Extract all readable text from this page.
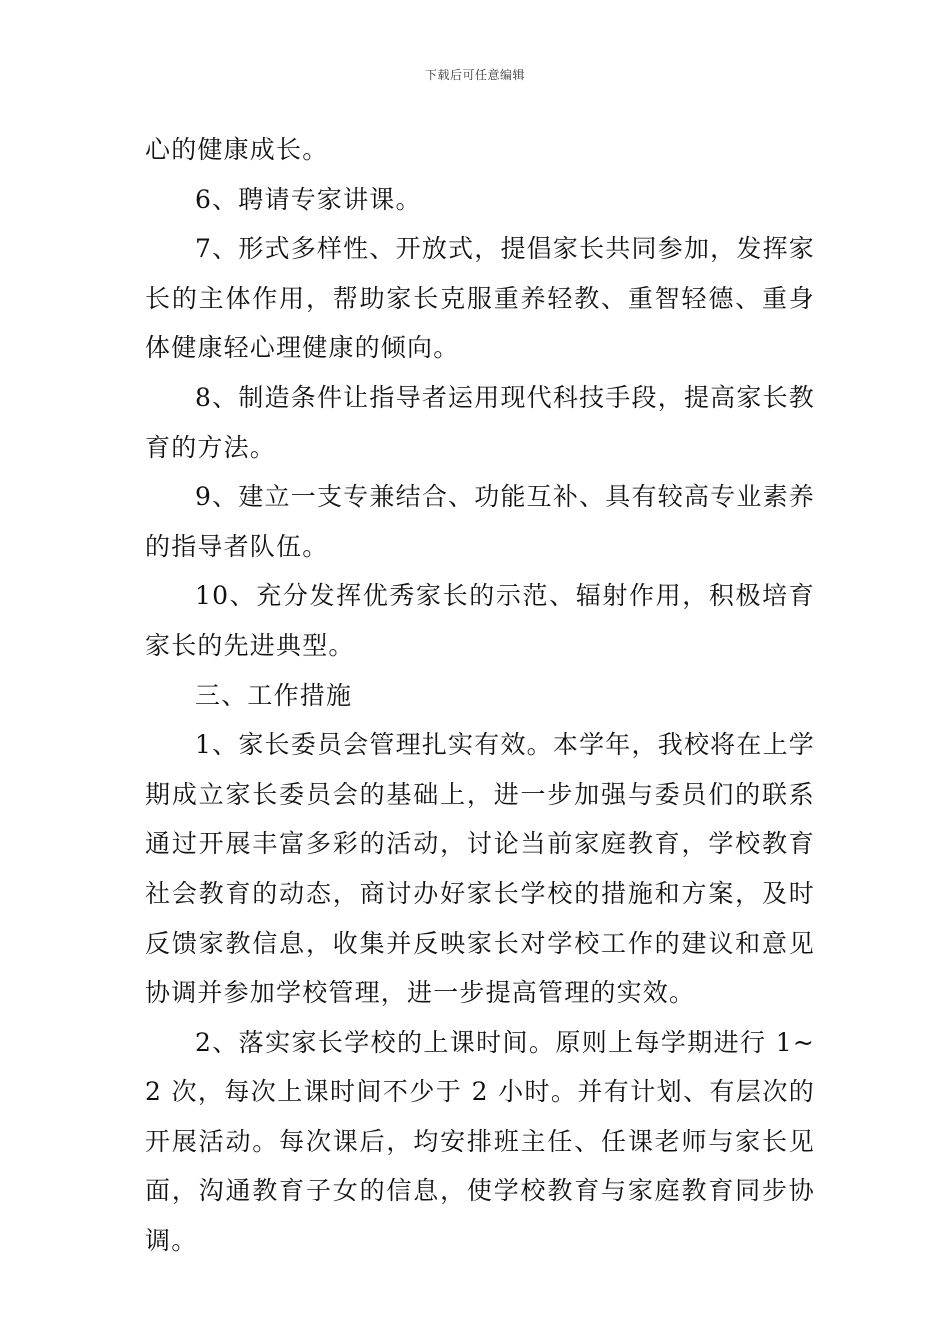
下载后可任意编辑

心的健康成长。

6、聘请专家讲课。

7、形式多样性、开放式，提倡家长共同参加，发挥家长的主体作用，帮助家长克服重养轻教、重智轻德、重身体健康轻心理健康的倾向。

8、制造条件让指导者运用现代科技手段，提高家长教育的方法。

9、建立一支专兼结合、功能互补、具有较高专业素养的指导者队伍。

10、充分发挥优秀家长的示范、辐射作用，积极培育家长的先进典型。

三、工作措施

1、家长委员会管理扎实有效。本学年，我校将在上学期成立家长委员会的基础上，进一步加强与委员们的联系通过开展丰富多彩的活动，讨论当前家庭教育，学校教育社会教育的动态，商讨办好家长学校的措施和方案，及时反馈家教信息，收集并反映家长对学校工作的建议和意见协调并参加学校管理，进一步提高管理的实效。

2、落实家长学校的上课时间。原则上每学期进行 1~2 次，每次上课时间不少于 2 小时。并有计划、有层次的开展活动。每次课后，均安排班主任、任课老师与家长见面，沟通教育子女的信息，使学校教育与家庭教育同步协调。
